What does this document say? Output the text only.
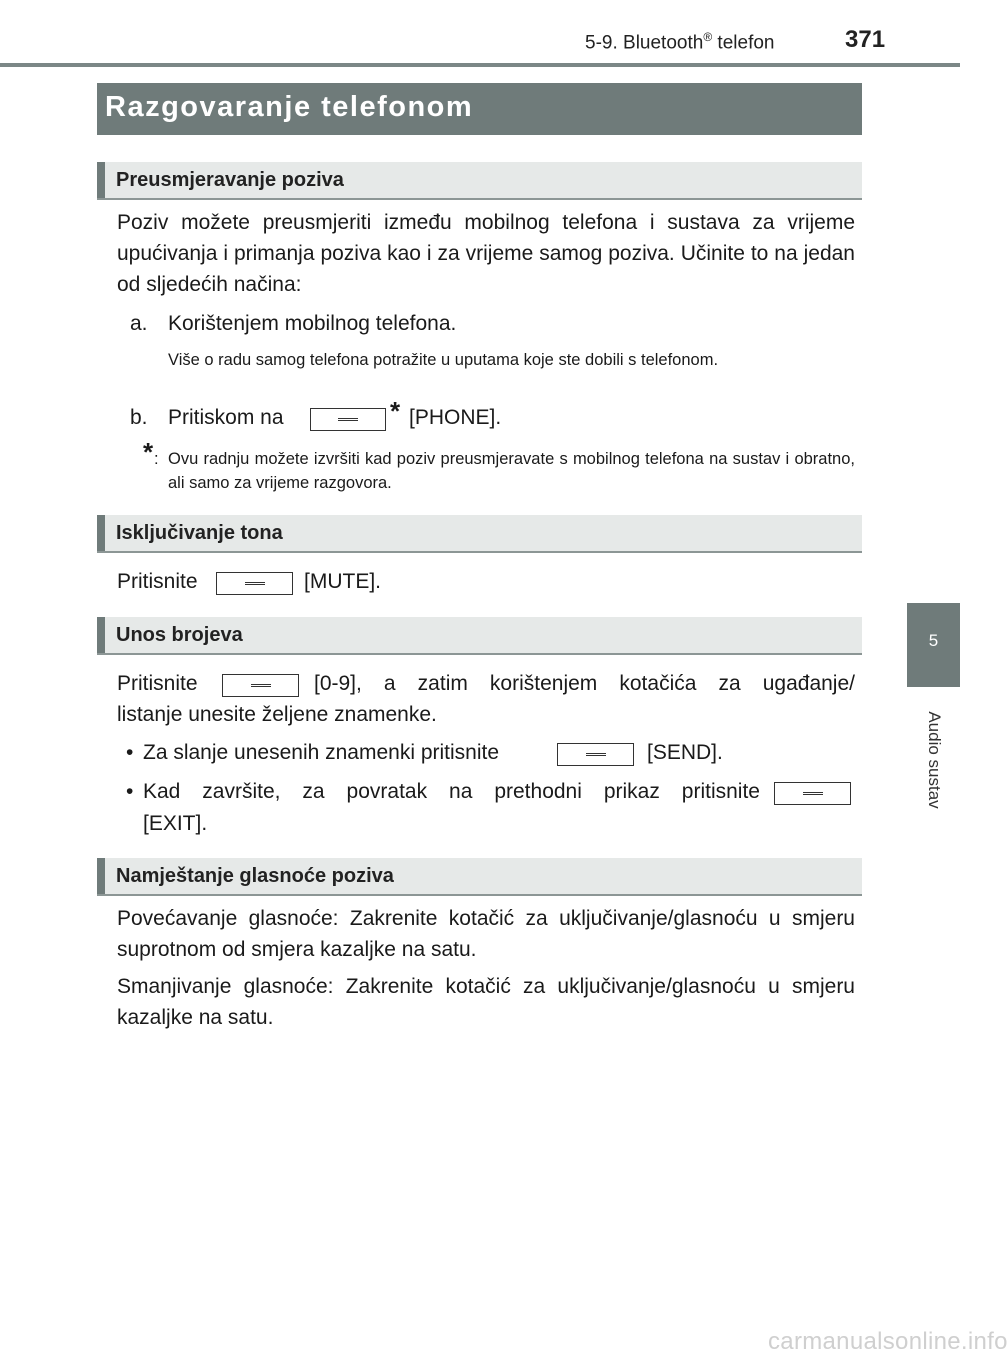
5-9. Bluetooth® telefon	371
5
Audio sustav
Razgovaranje telefonom
Preusmjeravanje poziva

Poziv možete preusmjeriti između mobilnog telefona i sustava za vrijeme upućivanja i primanja poziva kao i za vrijeme samog poziva. Učinite to na jedan od sljedećih načina:

a. Korištenjem mobilnog telefona.

Više o radu samog telefona potražite u uputama koje ste dobili s telefonom.

b. Pritiskom na	* [PHONE].
* : Ovu radnju možete izvršiti kad poziv preusmjeravate s mobilnog telefona na sustav i obratno, ali samo za vrijeme razgovora.

Isključivanje tona
Pritisnite	[MUTE].
Unos brojeva
Pritisnite	[0-9], a zatim korištenjem kotačića za ugađanje/
listanje unesite željene znamenke.
• Za slanje unesenih znamenki pritisnite	[SEND].
• Kad završite, za povratak na prethodni prikaz pritisnite
[EXIT].
Namještanje glasnoće poziva

Povećavanje glasnoće: Zakrenite kotačić za uključivanje/glasnoću u smjeru suprotnom od smjera kazaljke na satu.

Smanjivanje glasnoće: Zakrenite kotačić za uključivanje/glasnoću u smjeru kazaljke na satu.

carmanualsonline.info
